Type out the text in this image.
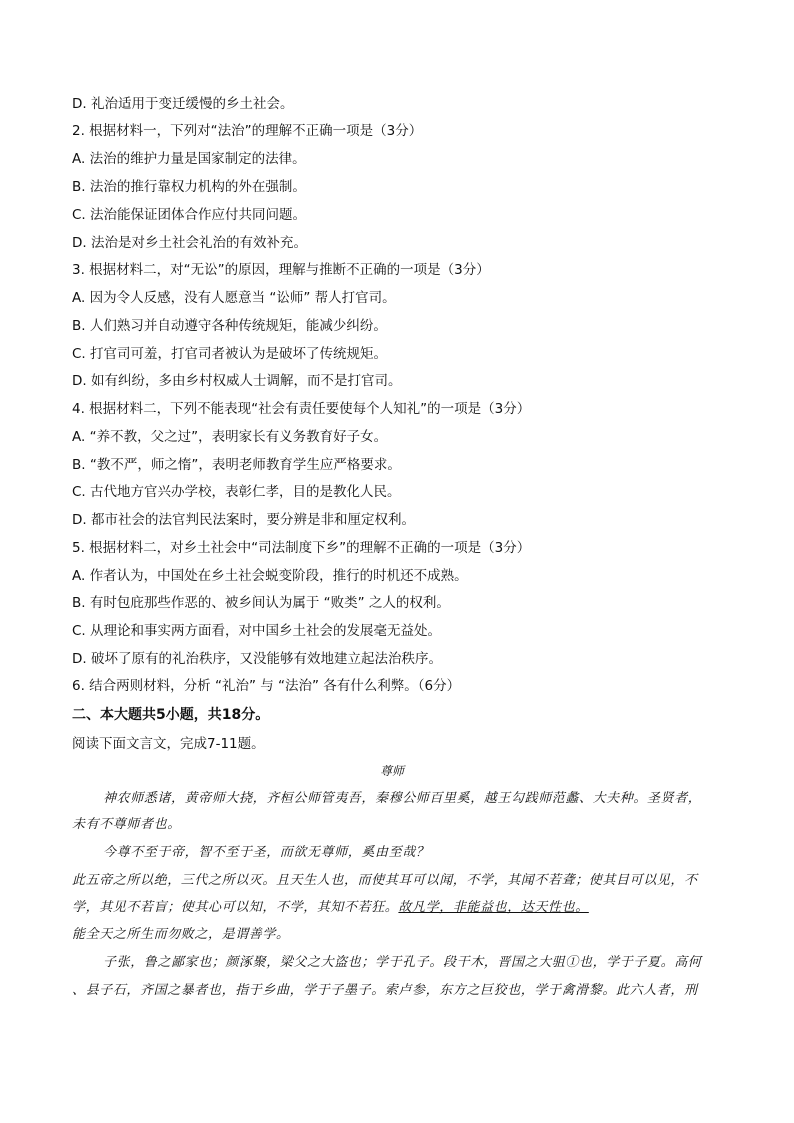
D. 礼治适用于变迁缓慢的乡土社会。
2. 根据材料一，下列对“法治”的理解不正确一项是（3分）
A. 法治的维护力量是国家制定的法律。
B. 法治的推行靠权力机构的外在强制。
C. 法治能保证团体合作应付共同问题。
D. 法治是对乡土社会礼治的有效补充。
3. 根据材料二，对“无讼”的原因，理解与推断不正确的一项是（3分）
A. 因为令人反感，没有人愿意当 “讼师” 帮人打官司。
B. 人们熟习并自动遵守各种传统规矩，能减少纠纷。
C. 打官司可羞，打官司者被认为是破坏了传统规矩。
D. 如有纠纷，多由乡村权威人士调解，而不是打官司。
4. 根据材料二，下列不能表现“社会有责任要使每个人知礼”的一项是（3分）
A. “养不教，父之过”，表明家长有义务教育好子女。
B. “教不严，师之惰”，表明老师教育学生应严格要求。
C. 古代地方官兴办学校，表彰仁孝，目的是教化人民。
D. 都市社会的法官判民法案时，要分辨是非和厘定权利。
5. 根据材料二，对乡土社会中“司法制度下乡”的理解不正确的一项是（3分）
A. 作者认为，中国处在乡土社会蜕变阶段，推行的时机还不成熟。
B. 有时包庇那些作恶的、被乡间认为属于 “败类” 之人的权利。
C. 从理论和事实两方面看，对中国乡土社会的发展毫无益处。
D. 破坏了原有的礼治秩序，又没能够有效地建立起法治秩序。
6. 结合两则材料，分析 “礼治” 与 “法治” 各有什么利弊。（6分）
二、本大题共5小题，共18分。
阅读下面文言文，完成7-11题。
尊师
神农师悉诸，黄帝师大挠，齐桓公师管夷吾，秦穆公师百里奚，越王勾践师范蠡、大夫种。圣贤者，
未有不尊师者也。
今尊不至于帝，智不至于圣，而欲无尊师，奚由至哉？
此五帝之所以绝，三代之所以灭。且天生人也，而使其耳可以闻，不学，其闻不若聋；使其目可以见，不
学，其见不若盲；使其心可以知，不学，其知不若狂。故凡学，非能益也，达天性也。
能全天之所生而勿败之，是谓善学。
子张，鲁之鄙家也；颜涿聚，梁父之大盗也；学于孔子。段干木，晋国之大驵①也，学于子夏。高何
、县子石，齐国之暴者也，指于乡曲，学于子墨子。索卢参，东方之巨狡也，学于禽滑黎。此六人者，刑
